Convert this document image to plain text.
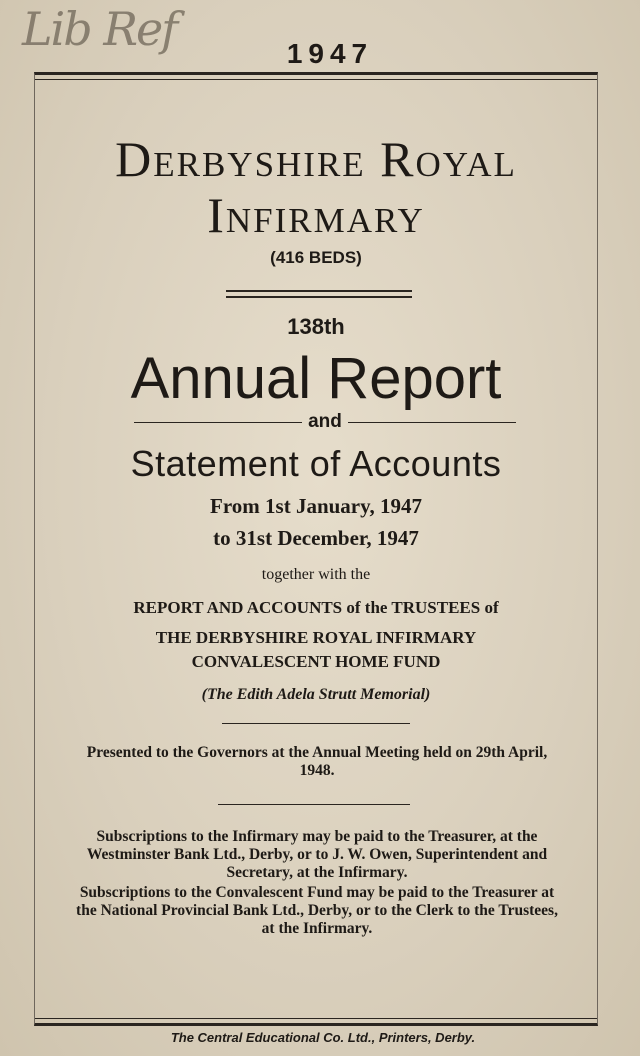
Lib Ref	1947
Derbyshire Royal
Infirmary
(416 BEDS)
138th
Annual Report
and
Statement of Accounts
From 1st January, 1947
to 31st December, 1947
together with the
REPORT AND ACCOUNTS of the TRUSTEES of
THE DERBYSHIRE ROYAL INFIRMARY
CONVALESCENT HOME FUND
(The Edith Adela Strutt Memorial)
Presented to the Governors at the Annual Meeting held on 29th April, 1948.
Subscriptions to the Infirmary may be paid to the Treasurer, at the Westminster Bank Ltd., Derby, or to J. W. Owen, Superintendent and Secretary, at the Infirmary.
Subscriptions to the Convalescent Fund may be paid to the Treasurer at the National Provincial Bank Ltd., Derby, or to the Clerk to the Trustees, at the Infirmary.
The Central Educational Co. Ltd., Printers, Derby.
